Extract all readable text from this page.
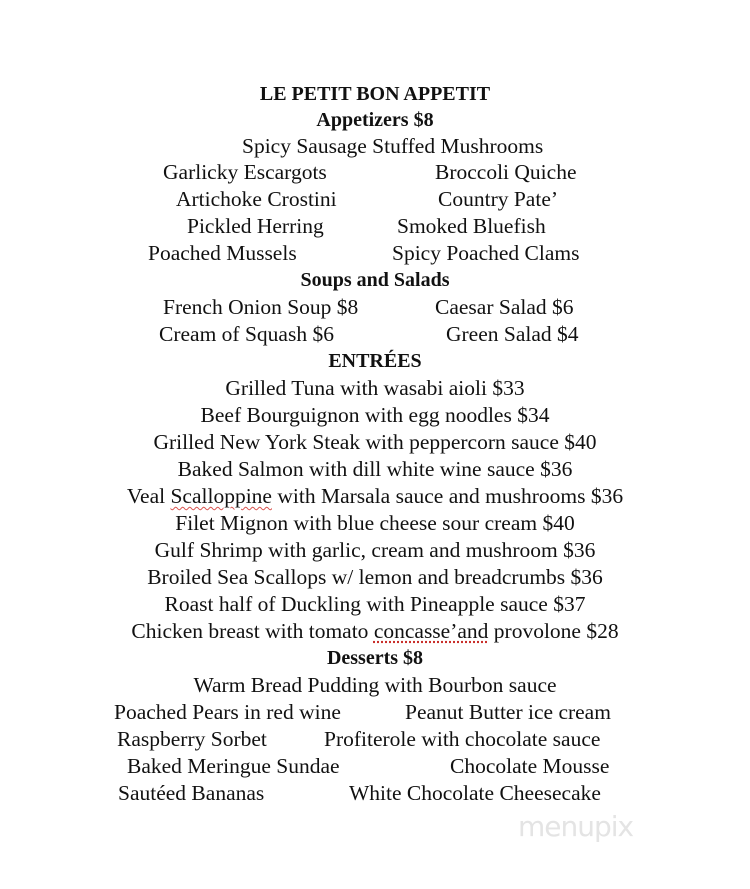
LE PETIT BON APPETIT
Appetizers $8
Spicy Sausage Stuffed Mushrooms
Garlicky Escargots	Broccoli Quiche
Artichoke Crostini	Country Pate’
Pickled Herring	Smoked Bluefish
Poached Mussels	Spicy Poached Clams
Soups and Salads
French Onion Soup $8	Caesar Salad $6
Cream of Squash $6	Green Salad $4
ENTRÉES
Grilled Tuna with wasabi aioli $33
Beef Bourguignon with egg noodles $34
Grilled New York Steak with peppercorn sauce $40
Baked Salmon with dill white wine sauce $36
Veal Scalloppine with Marsala sauce and mushrooms $36
Filet Mignon with blue cheese sour cream $40
Gulf Shrimp with garlic, cream and mushroom $36
Broiled Sea Scallops w/ lemon and breadcrumbs $36
Roast half of Duckling with Pineapple sauce $37
Chicken breast with tomato concasse’and provolone $28
Desserts $8
Warm Bread Pudding with Bourbon sauce
Poached Pears in red wine	Peanut Butter ice cream
Raspberry Sorbet	Profiterole with chocolate sauce
Baked Meringue Sundae	Chocolate Mousse
Sautéed Bananas	White Chocolate Cheesecake
menupix
